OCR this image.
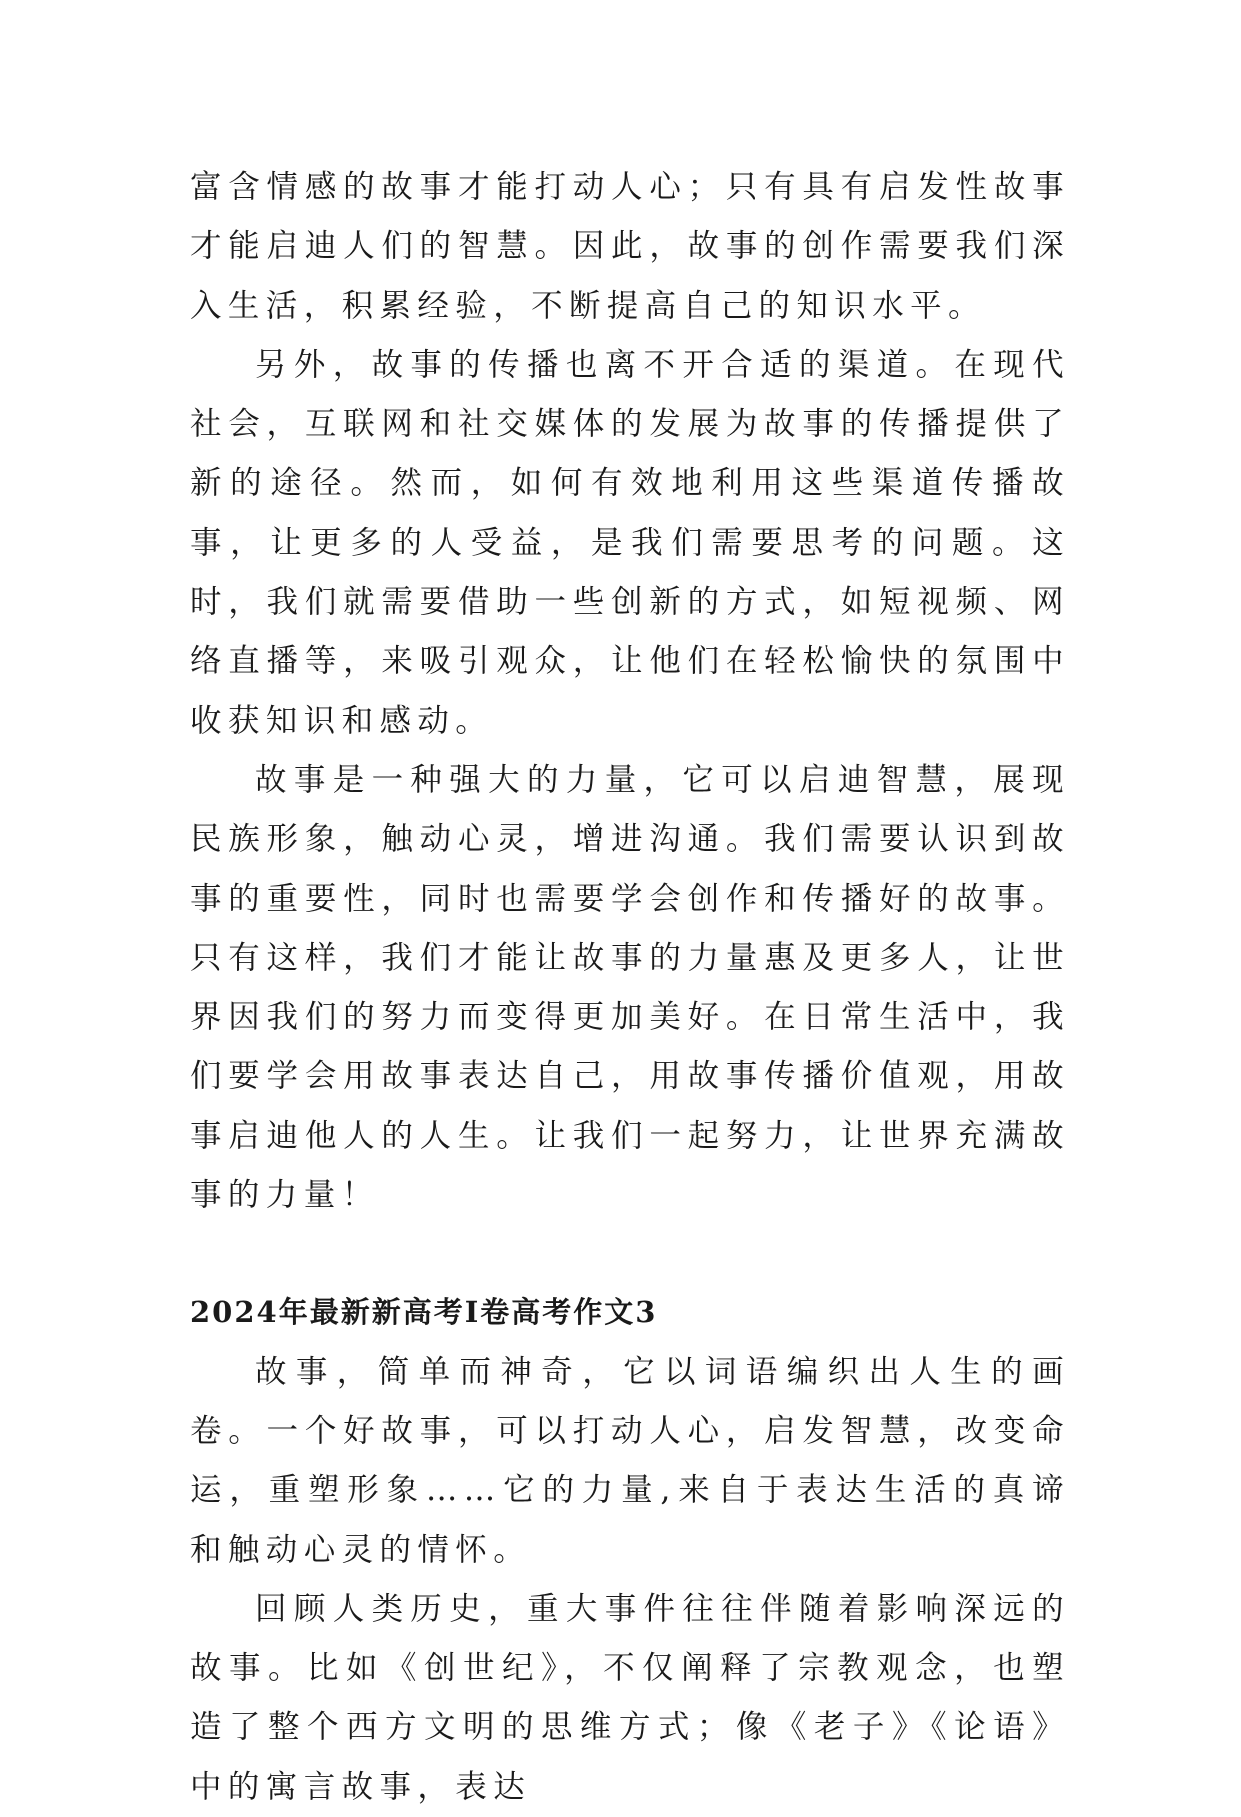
富含情感的故事才能打动人心；只有具有启发性故事才能启迪人们的智慧。因此，故事的创作需要我们深入生活，积累经验，不断提高自己的知识水平。

另外，故事的传播也离不开合适的渠道。在现代社会，互联网和社交媒体的发展为故事的传播提供了新的途径。然而，如何有效地利用这些渠道传播故事，让更多的人受益，是我们需要思考的问题。这时，我们就需要借助一些创新的方式，如短视频、网络直播等，来吸引观众，让他们在轻松愉快的氛围中收获知识和感动。

故事是一种强大的力量，它可以启迪智慧，展现民族形象，触动心灵，增进沟通。我们需要认识到故事的重要性，同时也需要学会创作和传播好的故事。只有这样，我们才能让故事的力量惠及更多人，让世界因我们的努力而变得更加美好。在日常生活中，我们要学会用故事表达自己，用故事传播价值观，用故事启迪他人的人生。让我们一起努力，让世界充满故事的力量！

2024年最新新高考Ⅰ卷高考作文3

故事，简单而神奇，它以词语编织出人生的画卷。一个好故事，可以打动人心，启发智慧，改变命运，重塑形象……它的力量,来自于表达生活的真谛和触动心灵的情怀。

回顾人类历史，重大事件往往伴随着影响深远的故事。比如《创世纪》，不仅阐释了宗教观念，也塑造了整个西方文明的思维方式；像《老子》《论语》中的寓言故事，表达
